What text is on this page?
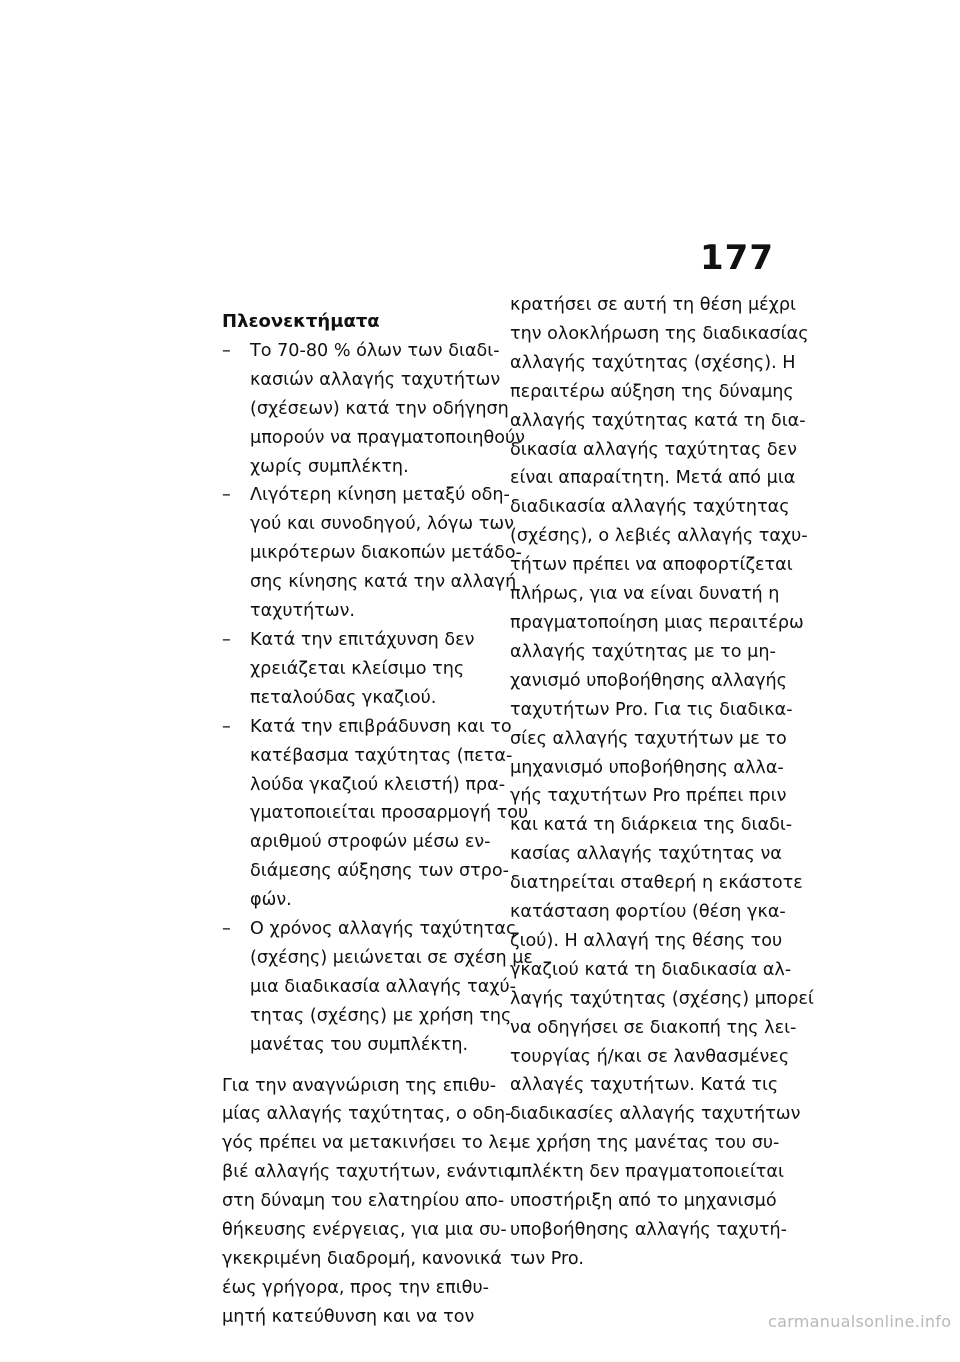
177
Πλεονεκτήματα
– Το 70-80 % όλων των διαδι-
κασιών αλλαγής ταχυτήτων
(σχέσεων) κατά την οδήγηση
μπορούν να πραγματοποιηθούν
χωρίς συμπλέκτη.
– Λιγότερη κίνηση μεταξύ οδη-
γού και συνοδηγού, λόγω των
μικρότερων διακοπών μετάδο-
σης κίνησης κατά την αλλαγή
ταχυτήτων.
– Κατά την επιτάχυνση δεν
χρειάζεται κλείσιμο της
πεταλούδας γκαζιού.
– Κατά την επιβράδυνση και το
κατέβασμα ταχύτητας (πετα-
λούδα γκαζιού κλειστή) πρα-
γματοποιείται προσαρμογή του
αριθμού στροφών μέσω εν-
διάμεσης αύξησης των στρο-
φών.
– Ο χρόνος αλλαγής ταχύτητας
(σχέσης) μειώνεται σε σχέση με
μια διαδικασία αλλαγής ταχύ-
τητας (σχέσης) με χρήση της
μανέτας του συμπλέκτη.

Για την αναγνώριση της επιθυ-
μίας αλλαγής ταχύτητας, ο οδη-
γός πρέπει να μετακινήσει το λε-
βιέ αλλαγής ταχυτήτων, ενάντια
στη δύναμη του ελατηρίου απο-
θήκευσης ενέργειας, για μια συ-
γκεκριμένη διαδρομή, κανονικά
έως γρήγορα, προς την επιθυ-
μητή κατεύθυνση και να τον

κρατήσει σε αυτή τη θέση μέχρι
την ολοκλήρωση της διαδικασίας
αλλαγής ταχύτητας (σχέσης). Η
περαιτέρω αύξηση της δύναμης
αλλαγής ταχύτητας κατά τη δια-
δικασία αλλαγής ταχύτητας δεν
είναι απαραίτητη. Μετά από μια
διαδικασία αλλαγής ταχύτητας
(σχέσης), ο λεβιές αλλαγής ταχυ-
τήτων πρέπει να αποφορτίζεται
πλήρως, για να είναι δυνατή η
πραγματοποίηση μιας περαιτέρω
αλλαγής ταχύτητας με το μη-
χανισμό υποβοήθησης αλλαγής
ταχυτήτων Pro. Για τις διαδικα-
σίες αλλαγής ταχυτήτων με το
μηχανισμό υποβοήθησης αλλα-
γής ταχυτήτων Pro πρέπει πριν
και κατά τη διάρκεια της διαδι-
κασίας αλλαγής ταχύτητας να
διατηρείται σταθερή η εκάστοτε
κατάσταση φορτίου (θέση γκα-
ζιού). Η αλλαγή της θέσης του
γκαζιού κατά τη διαδικασία αλ-
λαγής ταχύτητας (σχέσης) μπορεί
να οδηγήσει σε διακοπή της λει-
τουργίας ή/και σε λανθασμένες
αλλαγές ταχυτήτων. Κατά τις
διαδικασίες αλλαγής ταχυτήτων
με χρήση της μανέτας του συ-
μπλέκτη δεν πραγματοποιείται
υποστήριξη από το μηχανισμό
υποβοήθησης αλλαγής ταχυτή-
των Pro.

carmanualsonline.info
